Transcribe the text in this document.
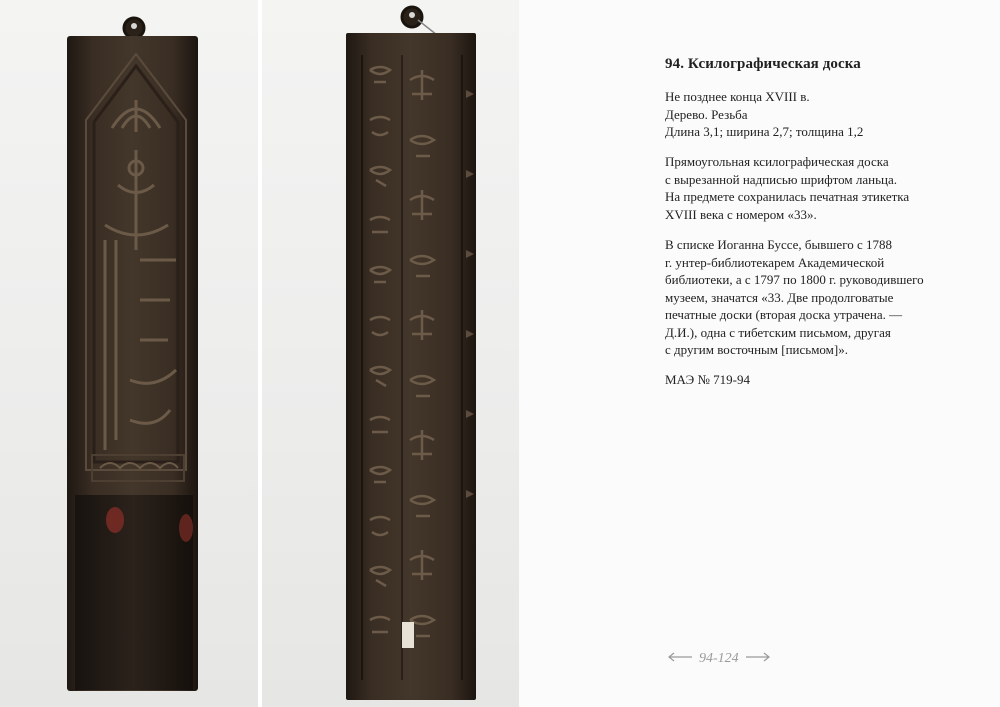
94. Ксилографическая доска
Не позднее конца XVIII в.
Дерево. Резьба
Длина 3,1; ширина 2,7; толщина 1,2
Прямоугольная ксилографическая доска
с вырезанной надписью шрифтом ланьца.
На предмете сохранилась печатная этикетка
XVIII века с номером «33».
В списке Иоганна Буссе, бывшего с 1788
г. унтер-библиотекарем Академической
библиотеки, а с 1797 по 1800 г. руководившего
музеем, значатся «33. Две продолговатые
печатные доски (вторая доска утрачена. —
Д.И.), одна с тибетским письмом, другая
с другим восточным [письмом]».
МАЭ № 719-94
94-124
